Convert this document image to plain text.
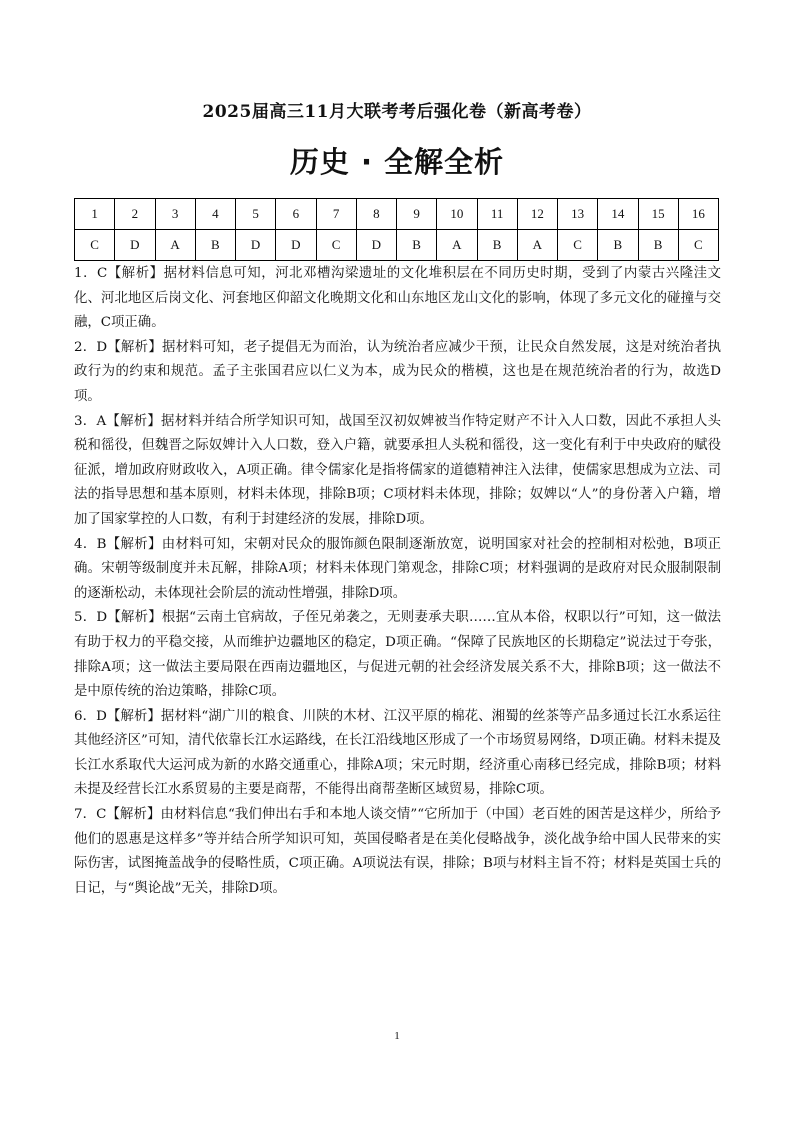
2025届高三11月大联考考后强化卷（新高考卷）
历史 · 全解全析
1	2	3	4	5	6	7	8	9	10	11	12	13	14	15	16
C	D	A	B	D	D	C	D	B	A	B	A	C	B	B	C

1．C【解析】据材料信息可知，河北邓槽沟梁遗址的文化堆积层在不同历史时期，受到了内蒙古兴隆洼文化、河北地区后岗文化、河套地区仰韶文化晚期文化和山东地区龙山文化的影响，体现了多元文化的碰撞与交融，C项正确。

2．D【解析】据材料可知，老子提倡无为而治，认为统治者应减少干预，让民众自然发展，这是对统治者执政行为的约束和规范。孟子主张国君应以仁义为本，成为民众的楷模，这也是在规范统治者的行为，故选D项。

3．A【解析】据材料并结合所学知识可知，战国至汉初奴婢被当作特定财产不计入人口数，因此不承担人头税和徭役，但魏晋之际奴婢计入人口数，登入户籍，就要承担人头税和徭役，这一变化有利于中央政府的赋役征派，增加政府财政收入，A项正确。律令儒家化是指将儒家的道德精神注入法律，使儒家思想成为立法、司法的指导思想和基本原则，材料未体现，排除B项；C项材料未体现，排除；奴婢以“人”的身份著入户籍，增加了国家掌控的人口数，有利于封建经济的发展，排除D项。

4．B【解析】由材料可知，宋朝对民众的服饰颜色限制逐渐放宽，说明国家对社会的控制相对松弛，B项正确。宋朝等级制度并未瓦解，排除A项；材料未体现门第观念，排除C项；材料强调的是政府对民众服制限制的逐渐松动，未体现社会阶层的流动性增强，排除D项。

5．D【解析】根据“云南土官病故，子侄兄弟袭之，无则妻承夫职……宜从本俗，权职以行”可知，这一做法有助于权力的平稳交接，从而维护边疆地区的稳定，D项正确。“保障了民族地区的长期稳定”说法过于夸张，排除A项；这一做法主要局限在西南边疆地区，与促进元朝的社会经济发展关系不大，排除B项；这一做法不是中原传统的治边策略，排除C项。

6．D【解析】据材料“湖广川的粮食、川陕的木材、江汉平原的棉花、湘蜀的丝茶等产品多通过长江水系运往其他经济区”可知，清代依靠长江水运路线，在长江沿线地区形成了一个市场贸易网络，D项正确。材料未提及长江水系取代大运河成为新的水路交通重心，排除A项；宋元时期，经济重心南移已经完成，排除B项；材料未提及经营长江水系贸易的主要是商帮，不能得出商帮垄断区域贸易，排除C项。

7．C【解析】由材料信息“我们伸出右手和本地人谈交情”“它所加于（中国）老百姓的困苦是这样少，所给予他们的恩惠是这样多”等并结合所学知识可知，英国侵略者是在美化侵略战争，淡化战争给中国人民带来的实际伤害，试图掩盖战争的侵略性质，C项正确。A项说法有误，排除；B项与材料主旨不符；材料是英国士兵的日记，与“舆论战”无关，排除D项。

1
